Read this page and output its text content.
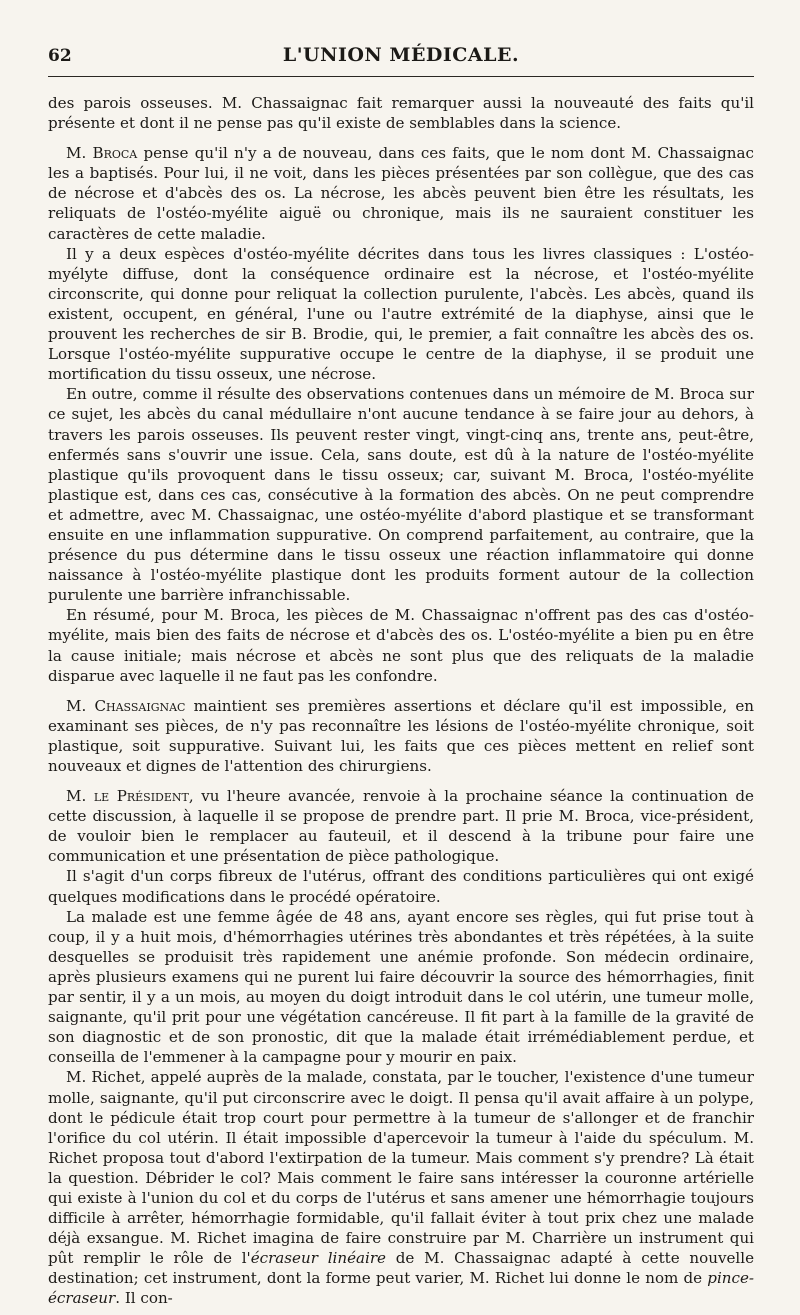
62	L'UNION MÉDICALE.

des parois osseuses. M. Chassaignac fait remarquer aussi la nouveauté des faits qu'il présente et dont il ne pense pas qu'il existe de semblables dans la science.

M. Broca pense qu'il n'y a de nouveau, dans ces faits, que le nom dont M. Chassaignac les a baptisés. Pour lui, il ne voit, dans les pièces présentées par son collègue, que des cas de nécrose et d'abcès des os. La nécrose, les abcès peuvent bien être les résultats, les reliquats de l'ostéo-myélite aiguë ou chronique, mais ils ne sauraient constituer les caractères de cette maladie.

Il y a deux espèces d'ostéo-myélite décrites dans tous les livres classiques : L'ostéo-myélyte diffuse, dont la conséquence ordinaire est la nécrose, et l'ostéo-myélite circonscrite, qui donne pour reliquat la collection purulente, l'abcès. Les abcès, quand ils existent, occupent, en général, l'une ou l'autre extrémité de la diaphyse, ainsi que le prouvent les recherches de sir B. Brodie, qui, le premier, a fait connaître les abcès des os. Lorsque l'ostéo-myélite suppurative occupe le centre de la diaphyse, il se produit une mortification du tissu osseux, une nécrose.

En outre, comme il résulte des observations contenues dans un mémoire de M. Broca sur ce sujet, les abcès du canal médullaire n'ont aucune tendance à se faire jour au dehors, à travers les parois osseuses. Ils peuvent rester vingt, vingt-cinq ans, trente ans, peut-être, enfermés sans s'ouvrir une issue. Cela, sans doute, est dû à la nature de l'ostéo-myélite plastique qu'ils provoquent dans le tissu osseux; car, suivant M. Broca, l'ostéo-myélite plastique est, dans ces cas, consécutive à la formation des abcès. On ne peut comprendre et admettre, avec M. Chassaignac, une ostéo-myélite d'abord plastique et se transformant ensuite en une inflammation suppurative. On comprend parfaitement, au contraire, que la présence du pus détermine dans le tissu osseux une réaction inflammatoire qui donne naissance à l'ostéo-myélite plastique dont les produits forment autour de la collection purulente une barrière infranchissable.

En résumé, pour M. Broca, les pièces de M. Chassaignac n'offrent pas des cas d'ostéo-myélite, mais bien des faits de nécrose et d'abcès des os. L'ostéo-myélite a bien pu en être la cause initiale; mais nécrose et abcès ne sont plus que des reliquats de la maladie disparue avec laquelle il ne faut pas les confondre.

M. Chassaignac maintient ses premières assertions et déclare qu'il est impossible, en examinant ses pièces, de n'y pas reconnaître les lésions de l'ostéo-myélite chronique, soit plastique, soit suppurative. Suivant lui, les faits que ces pièces mettent en relief sont nouveaux et dignes de l'attention des chirurgiens.

M. le Président, vu l'heure avancée, renvoie à la prochaine séance la continuation de cette discussion, à laquelle il se propose de prendre part. Il prie M. Broca, vice-président, de vouloir bien le remplacer au fauteuil, et il descend à la tribune pour faire une communication et une présentation de pièce pathologique.

Il s'agit d'un corps fibreux de l'utérus, offrant des conditions particulières qui ont exigé quelques modifications dans le procédé opératoire.

La malade est une femme âgée de 48 ans, ayant encore ses règles, qui fut prise tout à coup, il y a huit mois, d'hémorrhagies utérines très abondantes et très répétées, à la suite desquelles se produisit très rapidement une anémie profonde. Son médecin ordinaire, après plusieurs examens qui ne purent lui faire découvrir la source des hémorrhagies, finit par sentir, il y a un mois, au moyen du doigt introduit dans le col utérin, une tumeur molle, saignante, qu'il prit pour une végétation cancéreuse. Il fit part à la famille de la gravité de son diagnostic et de son pronostic, dit que la malade était irrémédiablement perdue, et conseilla de l'emmener à la campagne pour y mourir en paix.

M. Richet, appelé auprès de la malade, constata, par le toucher, l'existence d'une tumeur molle, saignante, qu'il put circonscrire avec le doigt. Il pensa qu'il avait affaire à un polype, dont le pédicule était trop court pour permettre à la tumeur de s'allonger et de franchir l'orifice du col utérin. Il était impossible d'apercevoir la tumeur à l'aide du spéculum. M. Richet proposa tout d'abord l'extirpation de la tumeur. Mais comment s'y prendre? Là était la question. Débrider le col? Mais comment le faire sans intéresser la couronne artérielle qui existe à l'union du col et du corps de l'utérus et sans amener une hémorrhagie toujours difficile à arrêter, hémorrhagie formidable, qu'il fallait éviter à tout prix chez une malade déjà exsangue. M. Richet imagina de faire construire par M. Charrière un instrument qui pût remplir le rôle de l'écraseur linéaire de M. Chassaignac adapté à cette nouvelle destination; cet instrument, dont la forme peut varier, M. Richet lui donne le nom de pince-écraseur. Il con-
